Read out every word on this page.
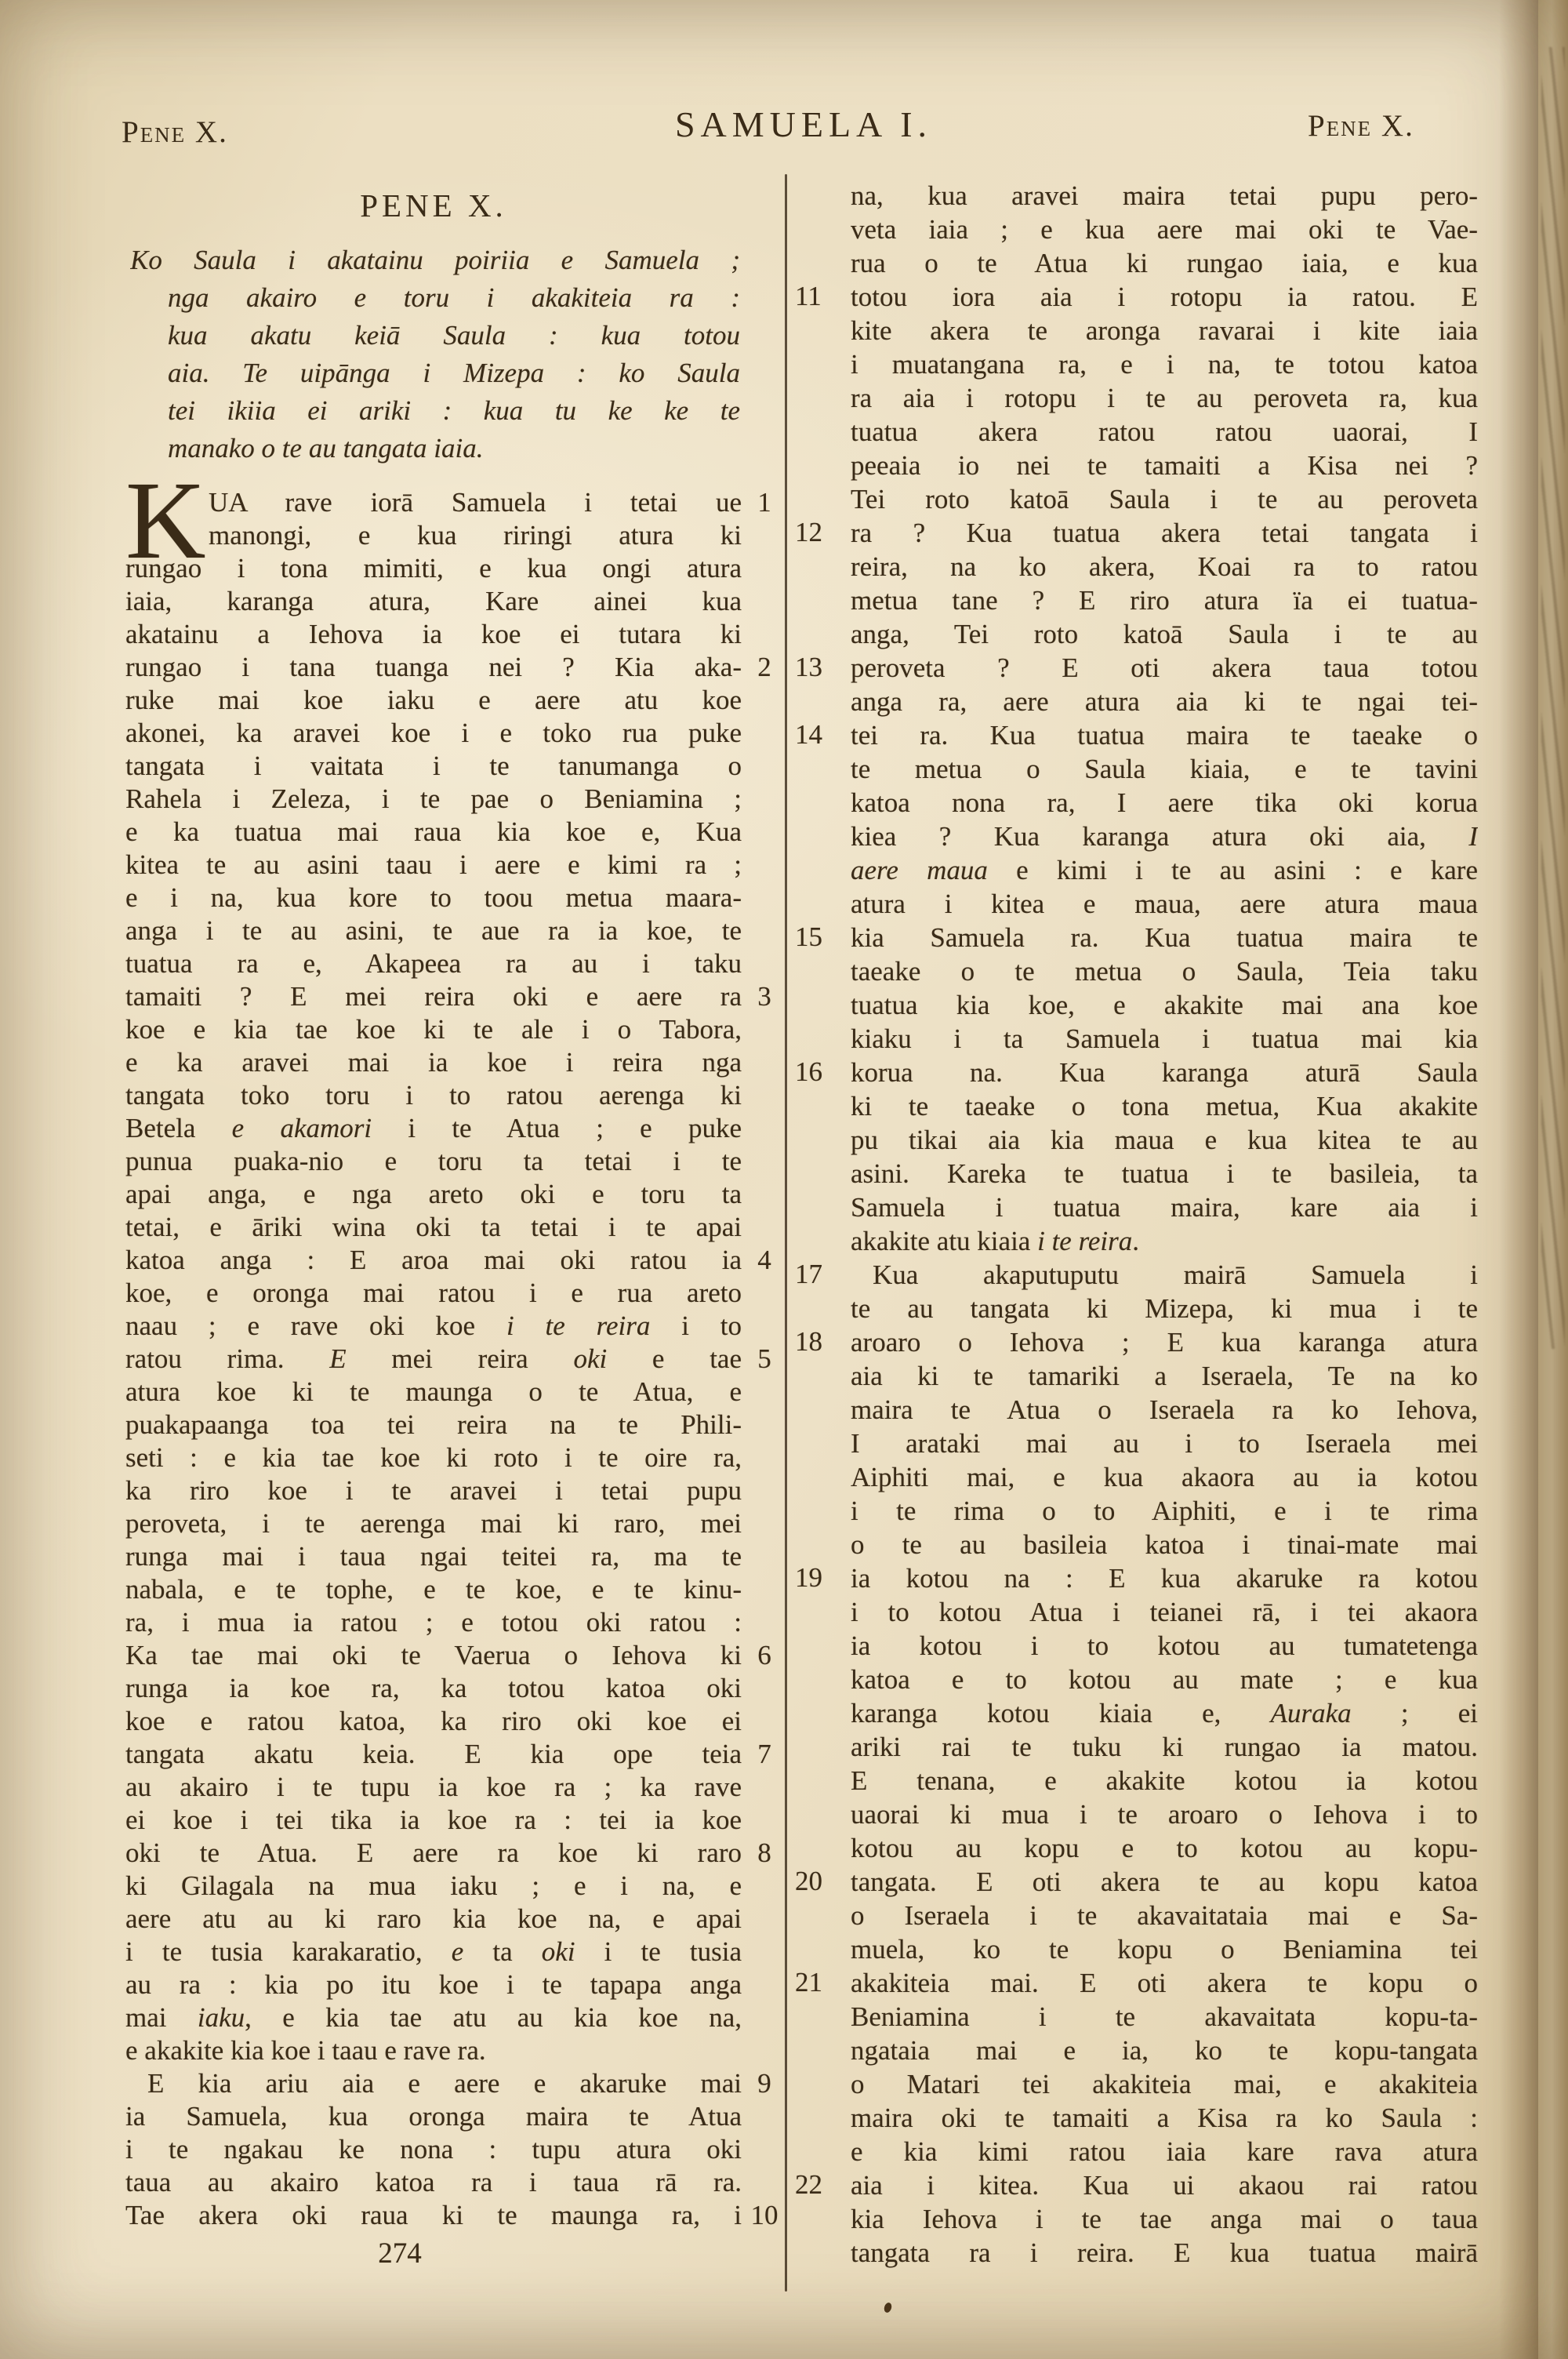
Pene X.	SAMUELA I.	Pene X.
PENE X.
Ko Saula i akatainu poiriia e Samuela ;
nga akairo e toru i akakiteia ra :
kua akatu keiā Saula : kua totou
aia. Te uipānga i Mizepa : ko Saula
tei ikiia ei ariki : kua tu ke ke te
manako o te au tangata iaia.
K UA rave iorā Samuela i tetai ue
manongi, e kua riringi atura ki
rungao i tona mimiti, e kua ongi atura
iaia, karanga atura, Kare ainei kua
akatainu a Iehova ia koe ei tutara ki
rungao i tana tuanga nei ? Kia aka-
ruke mai koe iaku e aere atu koe
akonei, ka aravei koe i e toko rua puke
tangata i vaitata i te tanumanga o
Rahela i Zeleza, i te pae o Beniamina ;
e ka tuatua mai raua kia koe e, Kua
kitea te au asini taau i aere e kimi ra ;
e i na, kua kore to toou metua maara-
anga i te au asini, te aue ra ia koe, te
tuatua ra e, Akapeea ra au i taku
tamaiti ? E mei reira oki e aere ra
koe e kia tae koe ki te ale i o Tabora,
e ka aravei mai ia koe i reira nga
tangata toko toru i to ratou aerenga ki
Betela e akamori i te Atua ; e puke
punua puaka-nio e toru ta tetai i te
apai anga, e nga areto oki e toru ta
tetai, e āriki wina oki ta tetai i te apai
katoa anga : E aroa mai oki ratou ia
koe, e oronga mai ratou i e rua areto
naau ; e rave oki koe i te reira i to
ratou rima. E mei reira oki e tae
atura koe ki te maunga o te Atua, e
puakapaanga toa tei reira na te Phili-
seti : e kia tae koe ki roto i te oire ra,
ka riro koe i te aravei i tetai pupu
peroveta, i te aerenga mai ki raro, mei
runga mai i taua ngai teitei ra, ma te
nabala, e te tophe, e te koe, e te kinu-
ra, i mua ia ratou ; e totou oki ratou :
Ka tae mai oki te Vaerua o Iehova ki
runga ia koe ra, ka totou katoa oki
koe e ratou katoa, ka riro oki koe ei
tangata akatu keia. E kia ope teia
au akairo i te tupu ia koe ra ; ka rave
ei koe i tei tika ia koe ra : tei ia koe
oki te Atua. E aere ra koe ki raro
ki Gilagala na mua iaku ; e i na, e
aere atu au ki raro kia koe na, e apai
i te tusia karakaratio, e ta oki i te tusia
au ra : kia po itu koe i te tapapa anga
mai iaku, e kia tae atu au kia koe na,
e akakite kia koe i taau e rave ra.
E kia ariu aia e aere e akaruke mai
ia Samuela, kua oronga maira te Atua
i te ngakau ke nona : tupu atura oki
taua au akairo katoa ra i taua rā ra.
Tae akera oki raua ki te maunga ra, i
1
2
3
4
5
6
7
8
9
10
na, kua aravei maira tetai pupu pero-
veta iaia ; e kua aere mai oki te Vae-
rua o te Atua ki rungao iaia, e kua
totou iora aia i rotopu ia ratou. E
kite akera te aronga ravarai i kite iaia
i muatangana ra, e i na, te totou katoa
ra aia i rotopu i te au peroveta ra, kua
tuatua akera ratou ratou uaorai, I
peeaia io nei te tamaiti a Kisa nei ?
Tei roto katoā Saula i te au peroveta
ra ? Kua tuatua akera tetai tangata i
reira, na ko akera, Koai ra to ratou
metua tane ? E riro atura ïa ei tuatua-
anga, Tei roto katoā Saula i te au
peroveta ? E oti akera taua totou
anga ra, aere atura aia ki te ngai tei-
tei ra. Kua tuatua maira te taeake o
te metua o Saula kiaia, e te tavini
katoa nona ra, I aere tika oki korua
kiea ? Kua karanga atura oki aia, I
aere maua e kimi i te au asini : e kare
atura i kitea e maua, aere atura maua
kia Samuela ra. Kua tuatua maira te
taeake o te metua o Saula, Teia taku
tuatua kia koe, e akakite mai ana koe
kiaku i ta Samuela i tuatua mai kia
korua na. Kua karanga aturā Saula
ki te taeake o tona metua, Kua akakite
pu tikai aia kia maua e kua kitea te au
asini. Kareka te tuatua i te basileia, ta
Samuela i tuatua maira, kare aia i
akakite atu kiaia i te reira.
Kua akaputuputu mairā Samuela i
te au tangata ki Mizepa, ki mua i te
aroaro o Iehova ; E kua karanga atura
aia ki te tamariki a Iseraela, Te na ko
maira te Atua o Iseraela ra ko Iehova,
I arataki mai au i to Iseraela mei
Aiphiti mai, e kua akaora au ia kotou
i te rima o to Aiphiti, e i te rima
o te au basileia katoa i tinai-mate mai
ia kotou na : E kua akaruke ra kotou
i to kotou Atua i teianei rā, i tei akaora
ia kotou i to kotou au tumatetenga
katoa e to kotou au mate ; e kua
karanga kotou kiaia e, Auraka ; ei
ariki rai te tuku ki rungao ia matou.
E tenana, e akakite kotou ia kotou
uaorai ki mua i te aroaro o Iehova i to
kotou au kopu e to kotou au kopu-
tangata. E oti akera te au kopu katoa
o Iseraela i te akavaitataia mai e Sa-
muela, ko te kopu o Beniamina tei
akakiteia mai. E oti akera te kopu o
Beniamina i te akavaitata kopu-ta-
ngataia mai e ia, ko te kopu-tangata
o Matari tei akakiteia mai, e akakiteia
maira oki te tamaiti a Kisa ra ko Saula :
e kia kimi ratou iaia kare rava atura
aia i kitea. Kua ui akaou rai ratou
kia Iehova i te tae anga mai o taua
tangata ra i reira. E kua tuatua mairā
11
12
13
14
15
16
17
18
19
20
21
22
274
